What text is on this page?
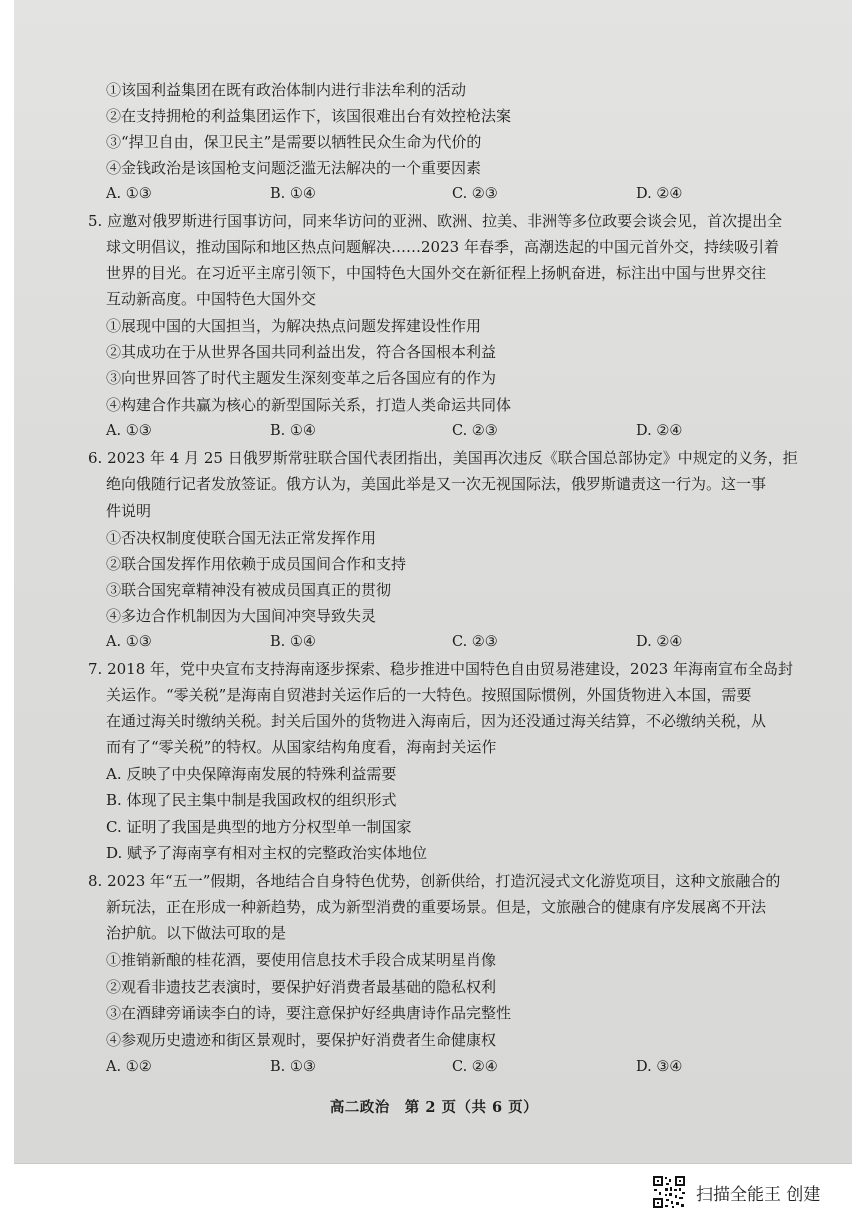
①该国利益集团在既有政治体制内进行非法牟利的活动
②在支持拥枪的利益集团运作下，该国很难出台有效控枪法案
③“捍卫自由，保卫民主”是需要以牺牲民众生命为代价的
④金钱政治是该国枪支问题泛滥无法解决的一个重要因素
A. ①③	B. ①④	C. ②③	D. ②④
5. 应邀对俄罗斯进行国事访问，同来华访问的亚洲、欧洲、拉美、非洲等多位政要会谈会见，首次提出全
球文明倡议，推动国际和地区热点问题解决……2023 年春季，高潮迭起的中国元首外交，持续吸引着
世界的目光。在习近平主席引领下，中国特色大国外交在新征程上扬帆奋进，标注出中国与世界交往
互动新高度。中国特色大国外交
①展现中国的大国担当，为解决热点问题发挥建设性作用
②其成功在于从世界各国共同利益出发，符合各国根本利益
③向世界回答了时代主题发生深刻变革之后各国应有的作为
④构建合作共赢为核心的新型国际关系，打造人类命运共同体
A. ①③	B. ①④	C. ②③	D. ②④
6. 2023 年 4 月 25 日俄罗斯常驻联合国代表团指出，美国再次违反《联合国总部协定》中规定的义务，拒
绝向俄随行记者发放签证。俄方认为，美国此举是又一次无视国际法，俄罗斯谴责这一行为。这一事
件说明
①否决权制度使联合国无法正常发挥作用
②联合国发挥作用依赖于成员国间合作和支持
③联合国宪章精神没有被成员国真正的贯彻
④多边合作机制因为大国间冲突导致失灵
A. ①③	B. ①④	C. ②③	D. ②④
7. 2018 年，党中央宣布支持海南逐步探索、稳步推进中国特色自由贸易港建设，2023 年海南宣布全岛封
关运作。“零关税”是海南自贸港封关运作后的一大特色。按照国际惯例，外国货物进入本国，需要
在通过海关时缴纳关税。封关后国外的货物进入海南后，因为还没通过海关结算，不必缴纳关税，从
而有了“零关税”的特权。从国家结构角度看，海南封关运作
A. 反映了中央保障海南发展的特殊利益需要
B. 体现了民主集中制是我国政权的组织形式
C. 证明了我国是典型的地方分权型单一制国家
D. 赋予了海南享有相对主权的完整政治实体地位
8. 2023 年“五一”假期，各地结合自身特色优势，创新供给，打造沉浸式文化游览项目，这种文旅融合的
新玩法，正在形成一种新趋势，成为新型消费的重要场景。但是，文旅融合的健康有序发展离不开法
治护航。以下做法可取的是
①推销新酿的桂花酒，要使用信息技术手段合成某明星肖像
②观看非遗技艺表演时，要保护好消费者最基础的隐私权利
③在酒肆旁诵读李白的诗，要注意保护好经典唐诗作品完整性
④参观历史遗迹和街区景观时，要保护好消费者生命健康权
A. ①②	B. ①③	C. ②④	D. ③④
高二政治　第 2 页（共 6 页）
扫描全能王 创建
